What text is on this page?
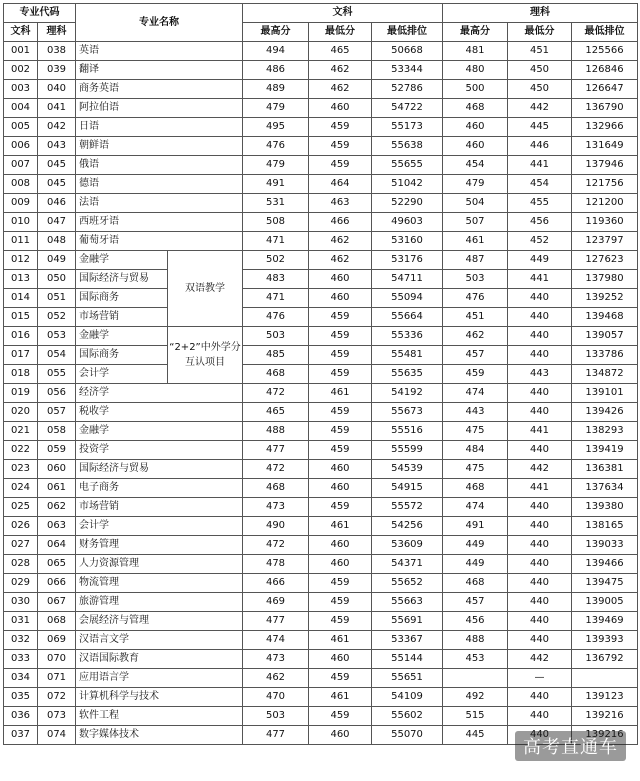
专业代码		专业名称		文科			理科		
文科	理科			最高分	最低分	最低排位	最高分	最低分	最低排位
001	038	英语		494	465	50668	481	451	125566
002	039	翻译		486	462	53344	480	450	126846
003	040	商务英语		489	462	52786	500	450	126647
004	041	阿拉伯语		479	460	54722	468	442	136790
005	042	日语		495	459	55173	460	445	132966
006	043	朝鲜语		476	459	55638	460	446	131649
007	045	俄语		479	459	55655	454	441	137946
008	045	德语		491	464	51042	479	454	121756
009	046	法语		531	463	52290	504	455	121200
010	047	西班牙语		508	466	49603	507	456	119360
011	048	葡萄牙语		471	462	53160	461	452	123797
012	049	金融学	双语教学	502	462	53176	487	449	127623
013	050	国际经济与贸易		483	460	54711	503	441	137980
014	051	国际商务		471	460	55094	476	440	139252
015	052	市场营销		476	459	55664	451	440	139468
016	053	金融学	“2+2”中外学分互认项目	503	459	55336	462	440	139057
017	054	国际商务		485	459	55481	457	440	133786
018	055	会计学		468	459	55635	459	443	134872
019	056	经济学		472	461	54192	474	440	139101
020	057	税收学		465	459	55673	443	440	139426
021	058	金融学		488	459	55516	475	441	138293
022	059	投资学		477	459	55599	484	440	139419
023	060	国际经济与贸易		472	460	54539	475	442	136381
024	061	电子商务		468	460	54915	468	441	137634
025	062	市场营销		473	459	55572	474	440	139380
026	063	会计学		490	461	54256	491	440	138165
027	064	财务管理		472	460	53609	449	440	139033
028	065	人力资源管理		478	460	54371	449	440	139466
029	066	物流管理		466	459	55652	468	440	139475
030	067	旅游管理		469	459	55663	457	440	139005
031	068	会展经济与管理		477	459	55691	456	440	139469
032	069	汉语言文学		474	461	53367	488	440	139393
033	070	汉语国际教育		473	460	55144	453	442	136792
034	071	应用语言学		462	459	55651		—	
035	072	计算机科学与技术		470	461	54109	492	440	139123
036	073	软件工程		503	459	55602	515	440	139216
037	074	数字媒体技术		477	460	55070	445	440	139216
高考直通车
